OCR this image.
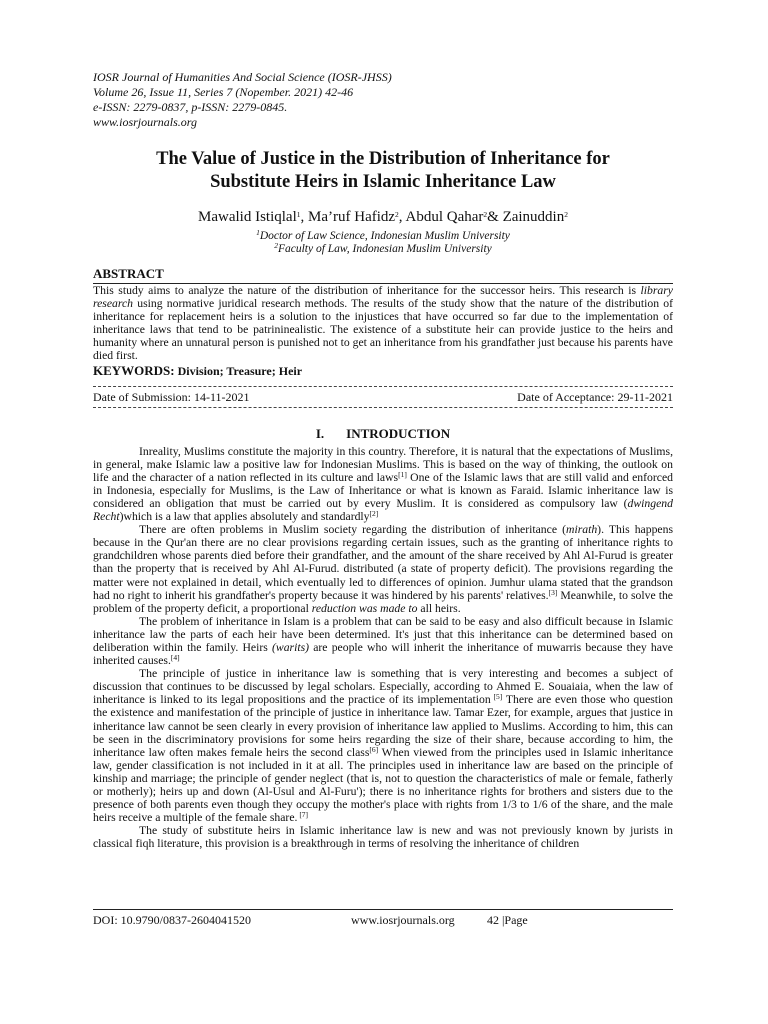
IOSR Journal of Humanities And Social Science (IOSR-JHSS)
Volume 26, Issue 11, Series 7 (Nopember. 2021) 42-46
e-ISSN: 2279-0837, p-ISSN: 2279-0845.
www.iosrjournals.org
The Value of Justice in the Distribution of Inheritance for
Substitute Heirs in Islamic Inheritance Law
Mawalid Istiqlal$^1$, Ma’ruf Hafidz$^2$, Abdul Qahar$^2$& Zainuddin$^2$
$^1$Doctor of Law Science, Indonesian Muslim University
$^2$Faculty of Law, Indonesian Muslim University
ABSTRACT
This study aims to analyze the nature of the distribution of inheritance for the successor heirs. This research is library research using normative juridical research methods. The results of the study show that the nature of the distribution of inheritance for replacement heirs is a solution to the injustices that have occurred so far due to the implementation of inheritance laws that tend to be patrininealistic. The existence of a substitute heir can provide justice to the heirs and humanity where an unnatural person is punished not to get an inheritance from his grandfather just because his parents have died first.
KEYWORDS: Division; Treasure; Heir
Date of Submission: 14-11-2021	Date of Acceptance: 29-11-2021
I. INTRODUCTION

Inreality, Muslims constitute the majority in this country. Therefore, it is natural that the expectations of Muslims, in general, make Islamic law a positive law for Indonesian Muslims. This is based on the way of thinking, the outlook on life and the character of a nation reflected in its culture and laws[1] One of the Islamic laws that are still valid and enforced in Indonesia, especially for Muslims, is the Law of Inheritance or what is known as Faraid. Islamic inheritance law is considered an obligation that must be carried out by every Muslim. It is considered as compulsory law (dwingend Recht)which is a law that applies absolutely and standardly[2]

There are often problems in Muslim society regarding the distribution of inheritance (mirath). This happens because in the Qur'an there are no clear provisions regarding certain issues, such as the granting of inheritance rights to grandchildren whose parents died before their grandfather, and the amount of the share received by Ahl Al-Furud is greater than the property that is received by Ahl Al-Furud. distributed (a state of property deficit). The provisions regarding the matter were not explained in detail, which eventually led to differences of opinion. Jumhur ulama stated that the grandson had no right to inherit his grandfather's property because it was hindered by his parents' relatives.[3] Meanwhile, to solve the problem of the property deficit, a proportional reduction was made to all heirs.

The problem of inheritance in Islam is a problem that can be said to be easy and also difficult because in Islamic inheritance law the parts of each heir have been determined. It's just that this inheritance can be determined based on deliberation within the family. Heirs (warits) are people who will inherit the inheritance of muwarris because they have inherited causes.[4]

The principle of justice in inheritance law is something that is very interesting and becomes a subject of discussion that continues to be discussed by legal scholars. Especially, according to Ahmed E. Souaiaia, when the law of inheritance is linked to its legal propositions and the practice of its implementation [5] There are even those who question the existence and manifestation of the principle of justice in inheritance law. Tamar Ezer, for example, argues that justice in inheritance law cannot be seen clearly in every provision of inheritance law applied to Muslims. According to him, this can be seen in the discriminatory provisions for some heirs regarding the size of their share, because according to him, the inheritance law often makes female heirs the second class[6] When viewed from the principles used in Islamic inheritance law, gender classification is not included in it at all. The principles used in inheritance law are based on the principle of kinship and marriage; the principle of gender neglect (that is, not to question the characteristics of male or female, fatherly or motherly); heirs up and down (Al-Usul and Al-Furu'); there is no inheritance rights for brothers and sisters due to the presence of both parents even though they occupy the mother's place with rights from 1/3 to 1/6 of the share, and the male heirs receive a multiple of the female share. [7]

The study of substitute heirs in Islamic inheritance law is new and was not previously known by jurists in classical fiqh literature, this provision is a breakthrough in terms of resolving the inheritance of children

DOI: 10.9790/0837-2604041520	www.iosrjournals.org	42 |Page
